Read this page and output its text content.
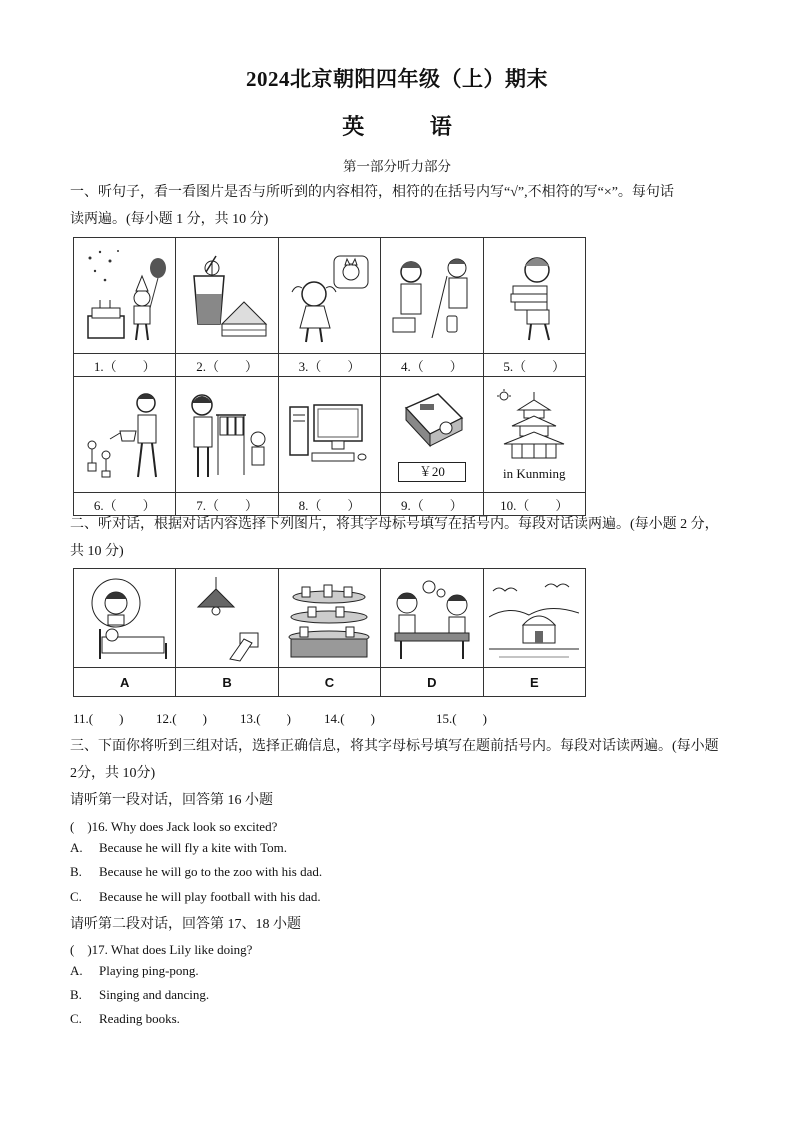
2024北京朝阳四年级（上）期末
英 语
第一部分听力部分
一、听句子，看一看图片是否与所听到的内容相符，相符的在括号内写“√”,不相符的写“×”。每句话
读两遍。(每小题 1 分，共 10 分)

1.（　　）	2.（　　）	3.（　　）	4.（　　）	5.（　　）

￥20	in Kunming

6.（　　）	7.（　　）	8.（　　）	9.（　　）	10.（　　）
二、听对话，根据对话内容选择下列图片，将其字母标号填写在括号内。每段对话读两遍。(每小题 2 分，
共 10 分)

A	B	C	D	E
11.(　　)	12.(　　)	13.(　　)	14.(　　)	15.(　　)
三、下面你将听到三组对话，选择正确信息，将其字母标号填写在题前括号内。每段对话读两遍。(每小题
2分，共 10分)
请听第一段对话，回答第 16 小题
(　)16. Why does Jack look so excited?
A. Because he will fly a kite with Tom.
B. Because he will go to the zoo with his dad.
C. Because he will play football with his dad.
请听第二段对话，回答第 17、18 小题
(　)17. What does Lily like doing?
A. Playing ping-pong.
B. Singing and dancing.
C. Reading books.
